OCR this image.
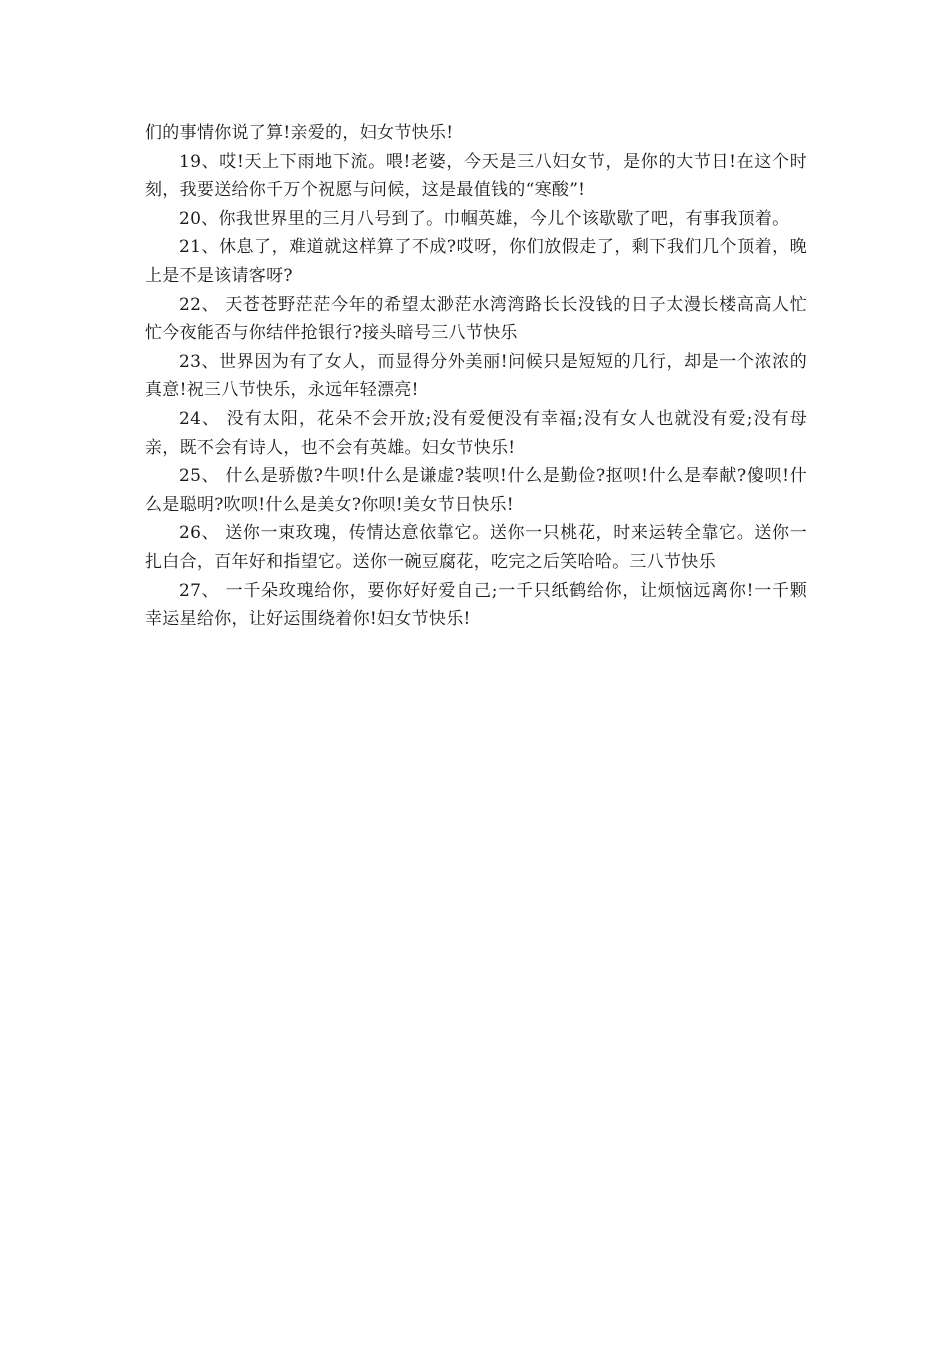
们的事情你说了算!亲爱的，妇女节快乐!

19、哎!天上下雨地下流。喂!老婆，今天是三八妇女节，是你的大节日!在这个时刻，我要送给你千万个祝愿与问候，这是最值钱的“寒酸”!

20、你我世界里的三月八号到了。巾帼英雄，今儿个该歇歇了吧，有事我顶着。

21、休息了，难道就这样算了不成?哎呀，你们放假走了，剩下我们几个顶着，晚上是不是该请客呀?

22、 天苍苍野茫茫今年的希望太渺茫水湾湾路长长没钱的日子太漫长楼高高人忙忙今夜能否与你结伴抢银行?接头暗号三八节快乐

23、世界因为有了女人，而显得分外美丽!问候只是短短的几行，却是一个浓浓的真意!祝三八节快乐，永远年轻漂亮!

24、 没有太阳，花朵不会开放;没有爱便没有幸福;没有女人也就没有爱;没有母亲，既不会有诗人，也不会有英雄。妇女节快乐!

25、 什么是骄傲?牛呗!什么是谦虚?装呗!什么是勤俭?抠呗!什么是奉献?傻呗!什么是聪明?吹呗!什么是美女?你呗!美女节日快乐!

26、 送你一束玫瑰，传情达意依靠它。送你一只桃花，时来运转全靠它。送你一扎白合，百年好和指望它。送你一碗豆腐花，吃完之后笑哈哈。三八节快乐

27、 一千朵玫瑰给你，要你好好爱自己;一千只纸鹤给你，让烦恼远离你!一千颗幸运星给你，让好运围绕着你!妇女节快乐!
